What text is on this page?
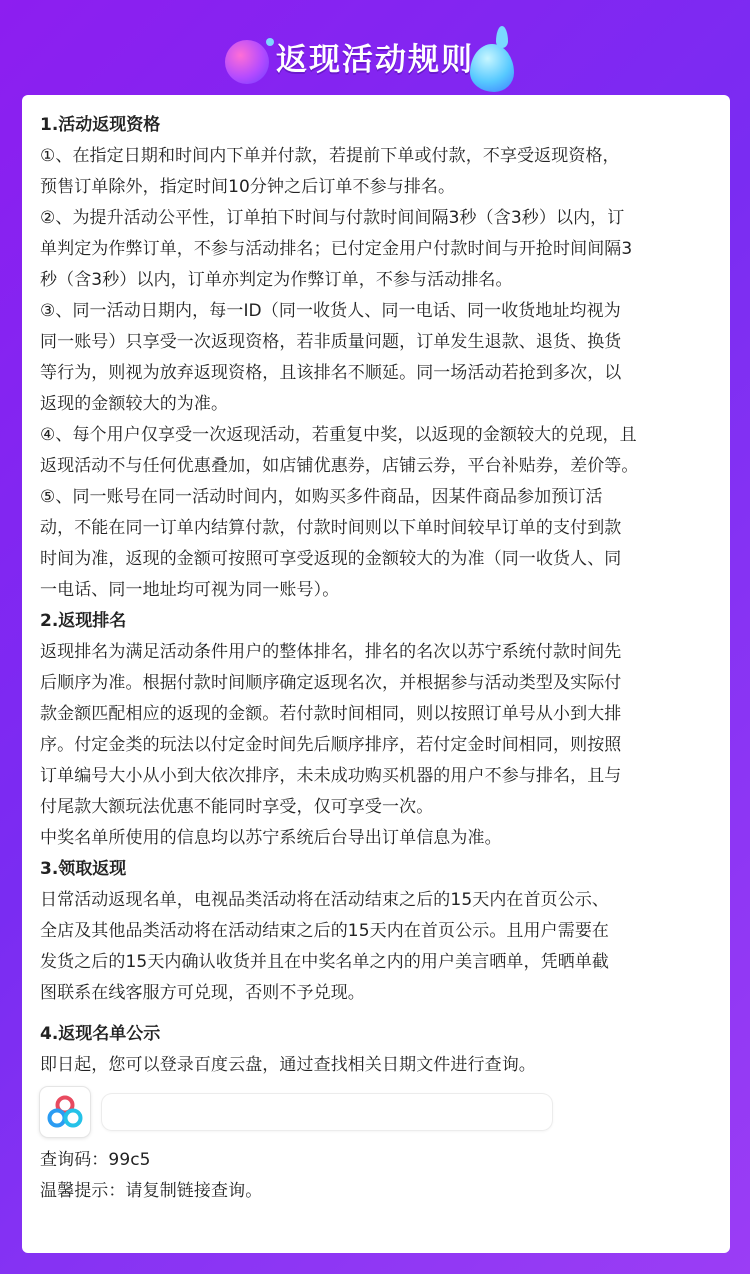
返现活动规则

1.活动返现资格

①、在指定日期和时间内下单并付款，若提前下单或付款，不享受返现资格，

预售订单除外，指定时间10分钟之后订单不参与排名。

②、为提升活动公平性，订单拍下时间与付款时间间隔3秒（含3秒）以内，订

单判定为作弊订单，不参与活动排名；已付定金用户付款时间与开抢时间间隔3

秒（含3秒）以内，订单亦判定为作弊订单，不参与活动排名。

③、同一活动日期内，每一ID（同一收货人、同一电话、同一收货地址均视为

同一账号）只享受一次返现资格，若非质量问题，订单发生退款、退货、换货

等行为，则视为放弃返现资格，且该排名不顺延。同一场活动若抢到多次，以

返现的金额较大的为准。

④、每个用户仅享受一次返现活动，若重复中奖，以返现的金额较大的兑现，且

返现活动不与任何优惠叠加，如店铺优惠券，店铺云券，平台补贴券，差价等。

⑤、同一账号在同一活动时间内，如购买多件商品，因某件商品参加预订活

动，不能在同一订单内结算付款，付款时间则以下单时间较早订单的支付到款

时间为准，返现的金额可按照可享受返现的金额较大的为准（同一收货人、同

一电话、同一地址均可视为同一账号）。

2.返现排名

返现排名为满足活动条件用户的整体排名，排名的名次以苏宁系统付款时间先

后顺序为准。根据付款时间顺序确定返现名次，并根据参与活动类型及实际付

款金额匹配相应的返现的金额。若付款时间相同，则以按照订单号从小到大排

序。付定金类的玩法以付定金时间先后顺序排序，若付定金时间相同，则按照

订单编号大小从小到大依次排序，未未成功购买机器的用户不参与排名，且与

付尾款大额玩法优惠不能同时享受，仅可享受一次。

中奖名单所使用的信息均以苏宁系统后台导出订单信息为准。

3.领取返现

日常活动返现名单，电视品类活动将在活动结束之后的15天内在首页公示、

全店及其他品类活动将在活动结束之后的15天内在首页公示。且用户需要在

发货之后的15天内确认收货并且在中奖名单之内的用户美言晒单，凭晒单截

图联系在线客服方可兑现，否则不予兑现。

4.返现名单公示

即日起，您可以登录百度云盘，通过查找相关日期文件进行查询。

查询码：99c5

温馨提示：请复制链接查询。
